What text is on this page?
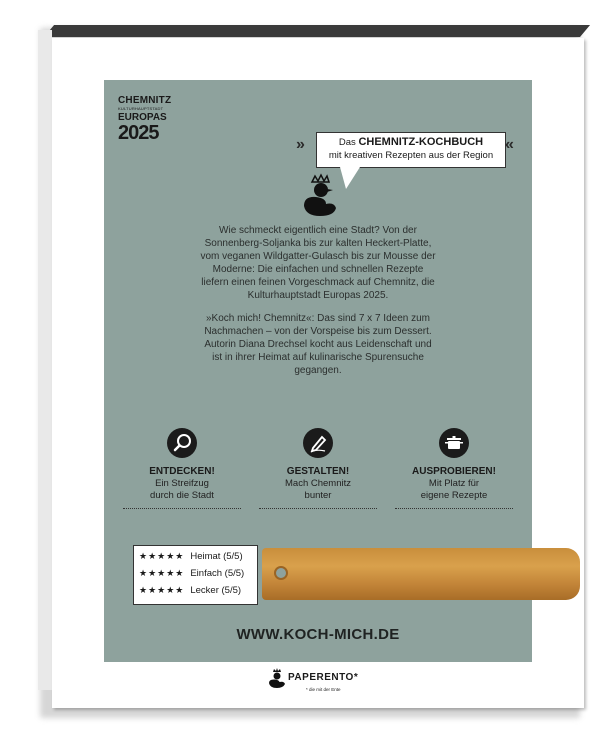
CHEMNITZ
KULTURHAUPTSTADT
EUROPAS
2025
»	Das CHEMNITZ-KOCHBUCH
mit kreativen Rezepten aus der Region
«

Wie schmeckt eigentlich eine Stadt? Von der Sonnenberg-Soljanka bis zur kalten Heckert-Platte, vom veganen Wildgatter-Gulasch bis zur Mousse der Moderne: Die einfachen und schnellen Rezepte liefern einen feinen Vorgeschmack auf Chemnitz, die Kulturhauptstadt Europas 2025.

»Koch mich! Chemnitz«: Das sind 7 x 7 Ideen zum Nachmachen – von der Vorspeise bis zum Dessert. Autorin Diana Drechsel kocht aus Leidenschaft und ist in ihrer Heimat auf kulinarische Spurensuche gegangen.

ENTDECKEN!
Ein Streifzug
durch die Stadt
GESTALTEN!
Mach Chemnitz
bunter
AUSPROBIEREN!
Mit Platz für
eigene Rezepte
★★★★★ Heimat (5/5)
★★★★★ Einfach (5/5)
★★★★★ Lecker (5/5)
WWW.KOCH-MICH.DE
PAPERENTO*
* die mit der Ente
